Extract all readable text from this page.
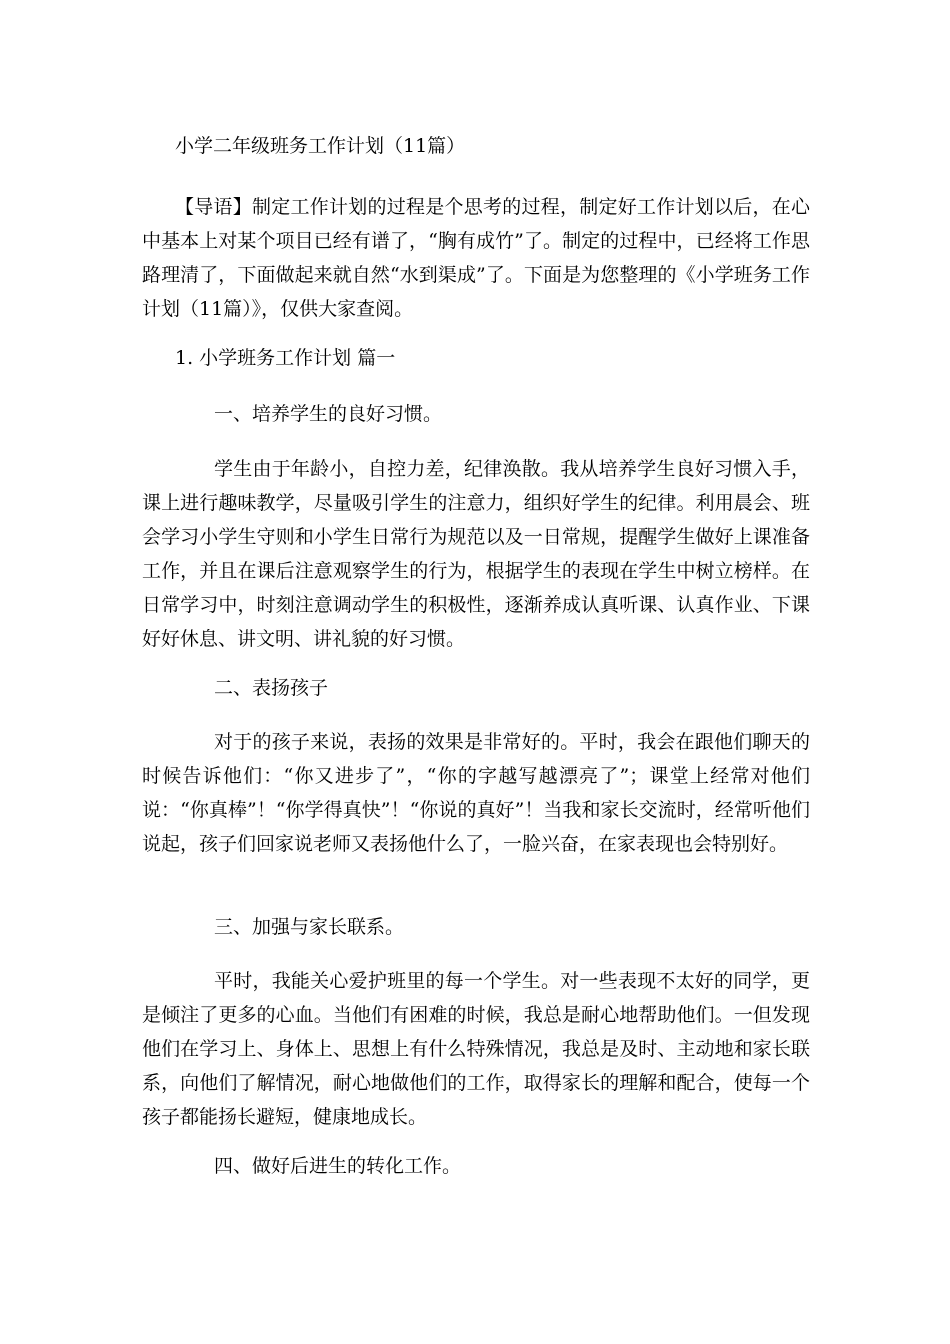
小学二年级班务工作计划（11篇）

【导语】制定工作计划的过程是个思考的过程，制定好工作计划以后，在心中基本上对某个项目已经有谱了，“胸有成竹”了。制定的过程中，已经将工作思路理清了，下面做起来就自然“水到渠成”了。下面是为您整理的《小学班务工作计划（11篇）》，仅供大家查阅。

1. 小学班务工作计划 篇一
一、培养学生的良好习惯。

学生由于年龄小，自控力差，纪律涣散。我从培养学生良好习惯入手，课上进行趣味教学，尽量吸引学生的注意力，组织好学生的纪律。利用晨会、班会学习小学生守则和小学生日常行为规范以及一日常规，提醒学生做好上课准备工作，并且在课后注意观察学生的行为，根据学生的表现在学生中树立榜样。在日常学习中，时刻注意调动学生的积极性，逐渐养成认真听课、认真作业、下课好好休息、讲文明、讲礼貌的好习惯。

二、表扬孩子

对于的孩子来说，表扬的效果是非常好的。平时，我会在跟他们聊天的时候告诉他们：“你又进步了”，“你的字越写越漂亮了”；课堂上经常对他们说：“你真棒”！“你学得真快”！“你说的真好”！当我和家长交流时，经常听他们说起，孩子们回家说老师又表扬他什么了，一脸兴奋，在家表现也会特别好。

三、加强与家长联系。

平时，我能关心爱护班里的每一个学生。对一些表现不太好的同学，更是倾注了更多的心血。当他们有困难的时候，我总是耐心地帮助他们。一但发现他们在学习上、身体上、思想上有什么特殊情况，我总是及时、主动地和家长联系，向他们了解情况，耐心地做他们的工作，取得家长的理解和配合，使每一个孩子都能扬长避短，健康地成长。

四、做好后进生的转化工作。
